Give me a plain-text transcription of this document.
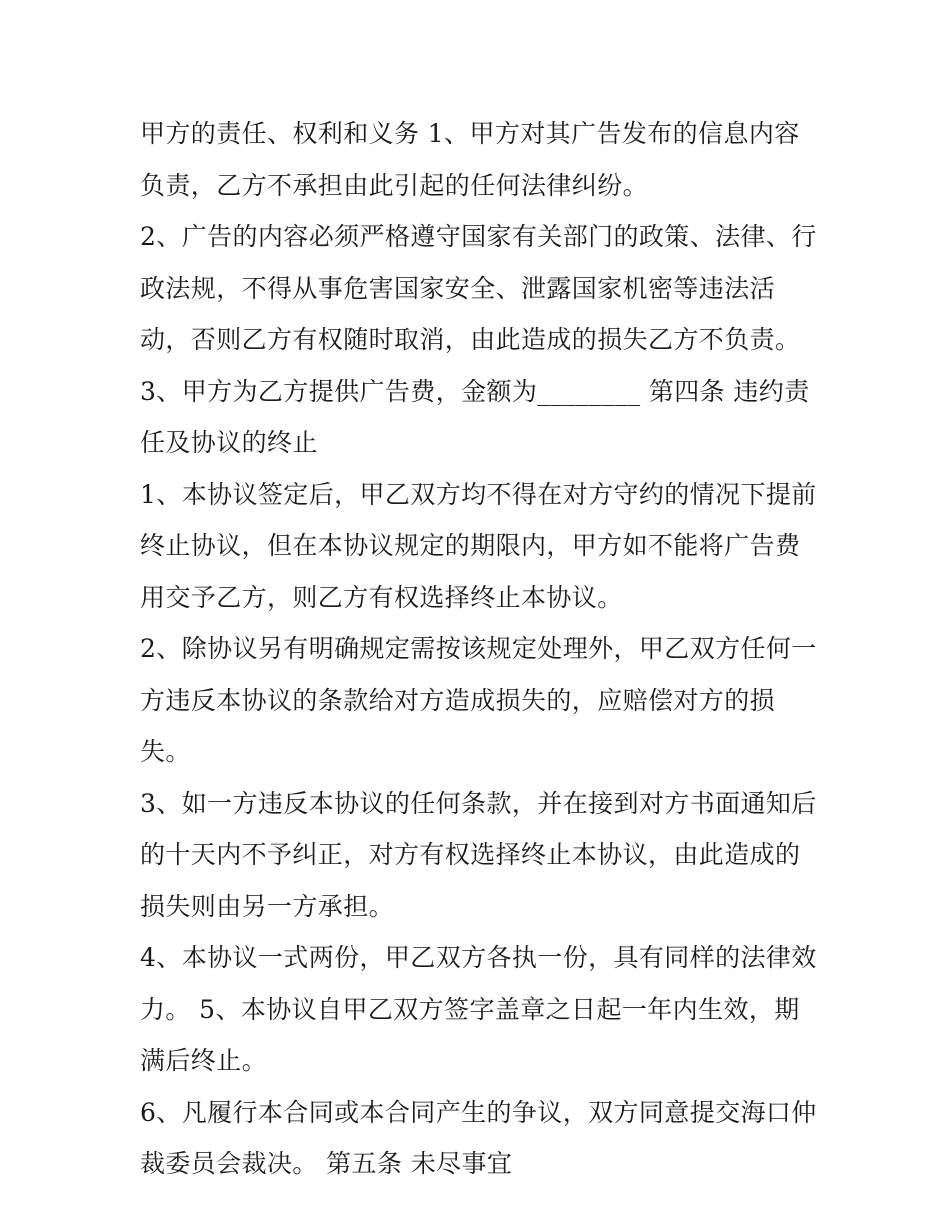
甲方的责任、权利和义务 1、甲方对其广告发布的信息内容负责，乙方不承担由此引起的任何法律纠纷。

2、广告的内容必须严格遵守国家有关部门的政策、法律、行政法规，不得从事危害国家安全、泄露国家机密等违法活动，否则乙方有权随时取消，由此造成的损失乙方不负责。

3、甲方为乙方提供广告费，金额为________ 第四条 违约责任及协议的终止

1、本协议签定后，甲乙双方均不得在对方守约的情况下提前终止协议，但在本协议规定的期限内，甲方如不能将广告费用交予乙方，则乙方有权选择终止本协议。

2、除协议另有明确规定需按该规定处理外，甲乙双方任何一方违反本协议的条款给对方造成损失的，应赔偿对方的损失。

3、如一方违反本协议的任何条款，并在接到对方书面通知后的十天内不予纠正，对方有权选择终止本协议，由此造成的损失则由另一方承担。

4、本协议一式两份，甲乙双方各执一份，具有同样的法律效力。 5、本协议自甲乙双方签字盖章之日起一年内生效，期满后终止。

6、凡履行本合同或本合同产生的争议，双方同意提交海口仲裁委员会裁决。 第五条 未尽事宜
